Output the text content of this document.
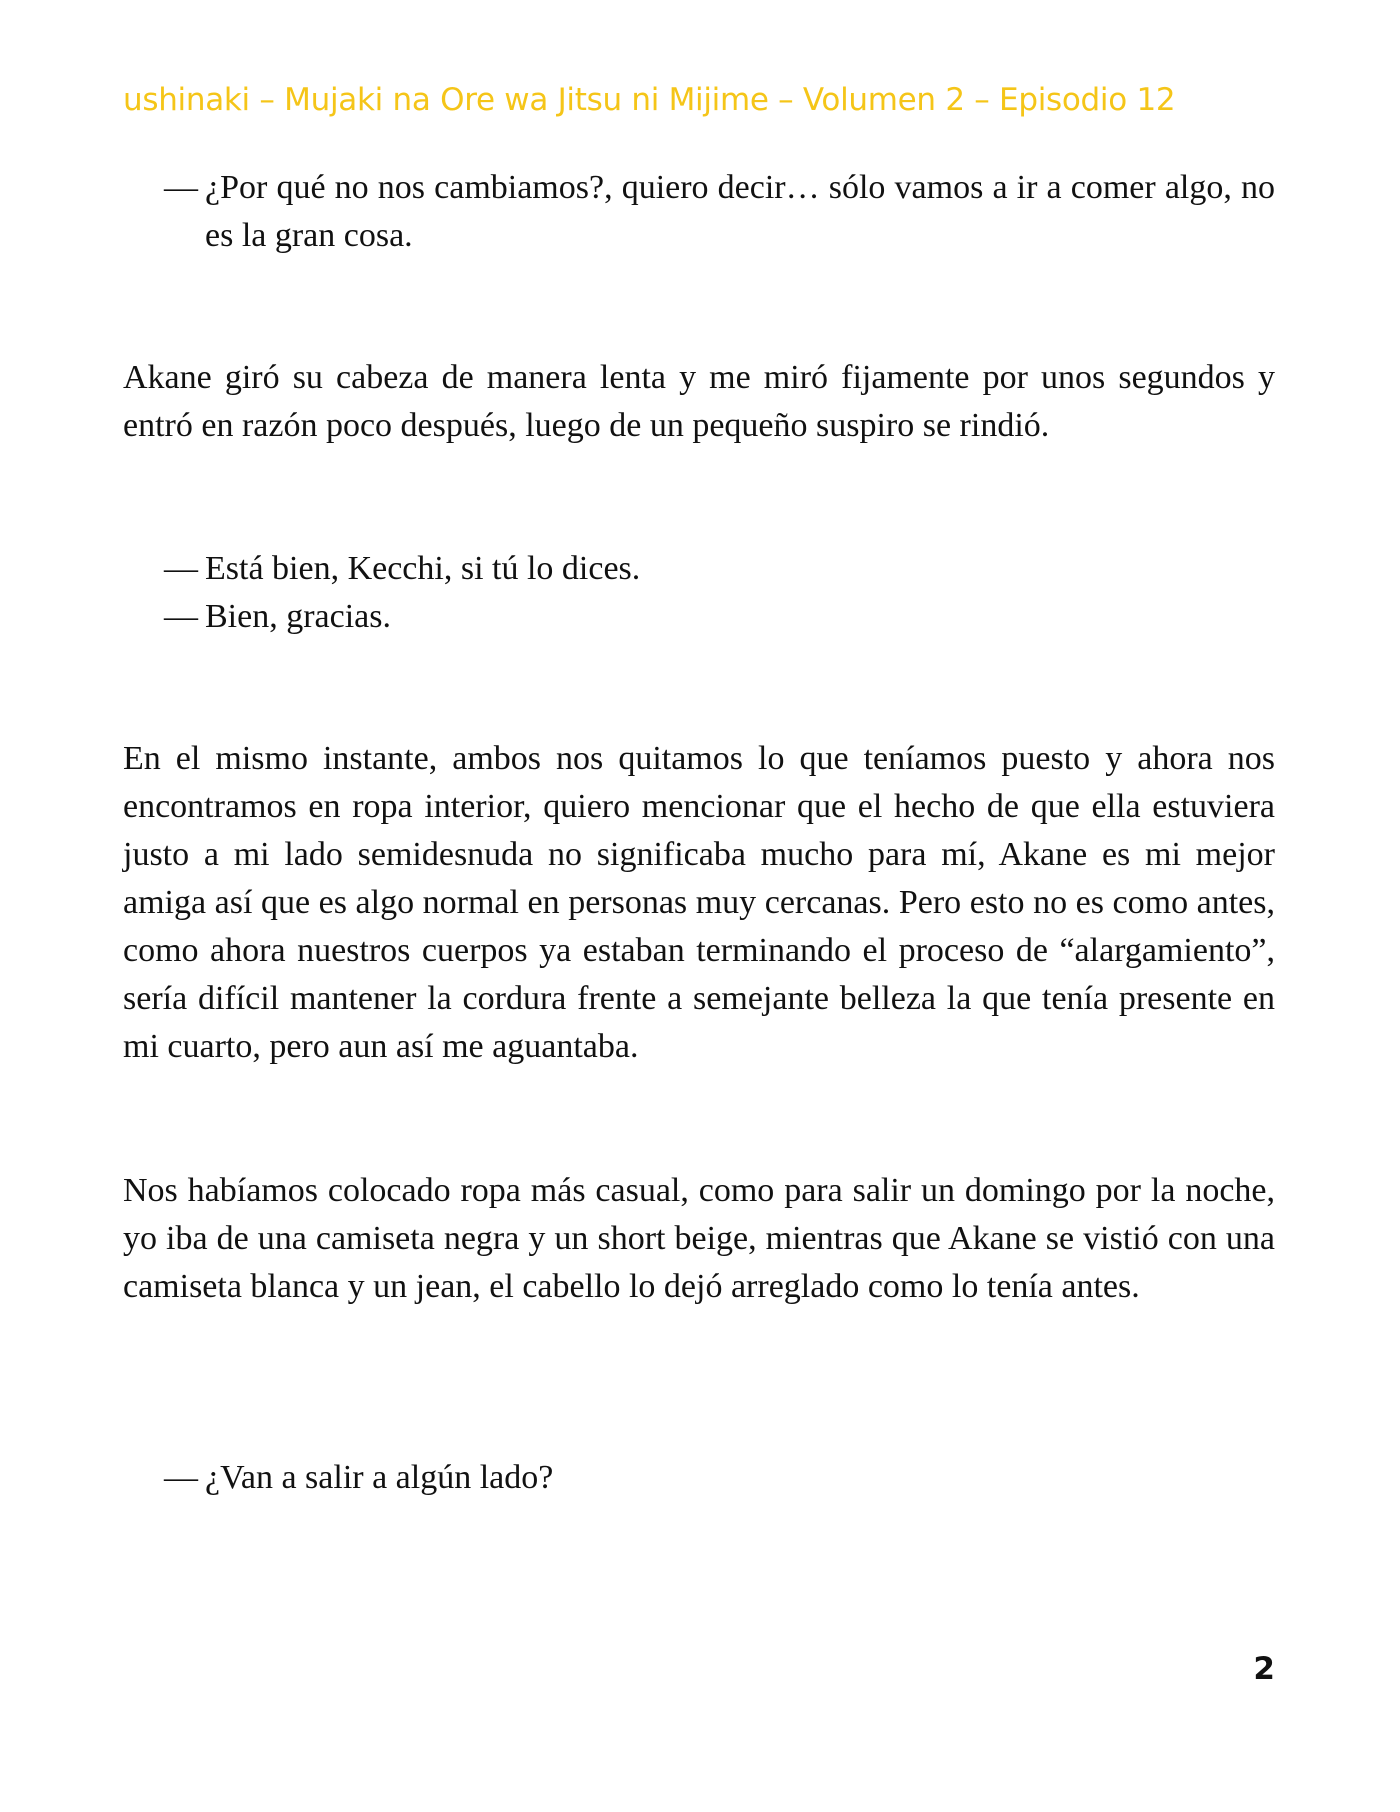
ushinaki – Mujaki na Ore wa Jitsu ni Mijime – Volumen 2 – Episodio 12

— ¿Por qué no nos cambiamos?, quiero decir… sólo vamos a ir a comer algo, no es la gran cosa.

Akane giró su cabeza de manera lenta y me miró fijamente por unos segundos y entró en razón poco después, luego de un pequeño suspiro se rindió.

— Está bien, Kecchi, si tú lo dices.

— Bien, gracias.

En el mismo instante, ambos nos quitamos lo que teníamos puesto y ahora nos encontramos en ropa interior, quiero mencionar que el hecho de que ella estuviera justo a mi lado semidesnuda no significaba mucho para mí, Akane es mi mejor amiga así que es algo normal en personas muy cercanas. Pero esto no es como antes, como ahora nuestros cuerpos ya estaban terminando el proceso de “alargamiento”, sería difícil mantener la cordura frente a semejante belleza la que tenía presente en mi cuarto, pero aun así me aguantaba.

Nos habíamos colocado ropa más casual, como para salir un domingo por la noche, yo iba de una camiseta negra y un short beige, mientras que Akane se vistió con una camiseta blanca y un jean, el cabello lo dejó arreglado como lo tenía antes.

— ¿Van a salir a algún lado?

2
